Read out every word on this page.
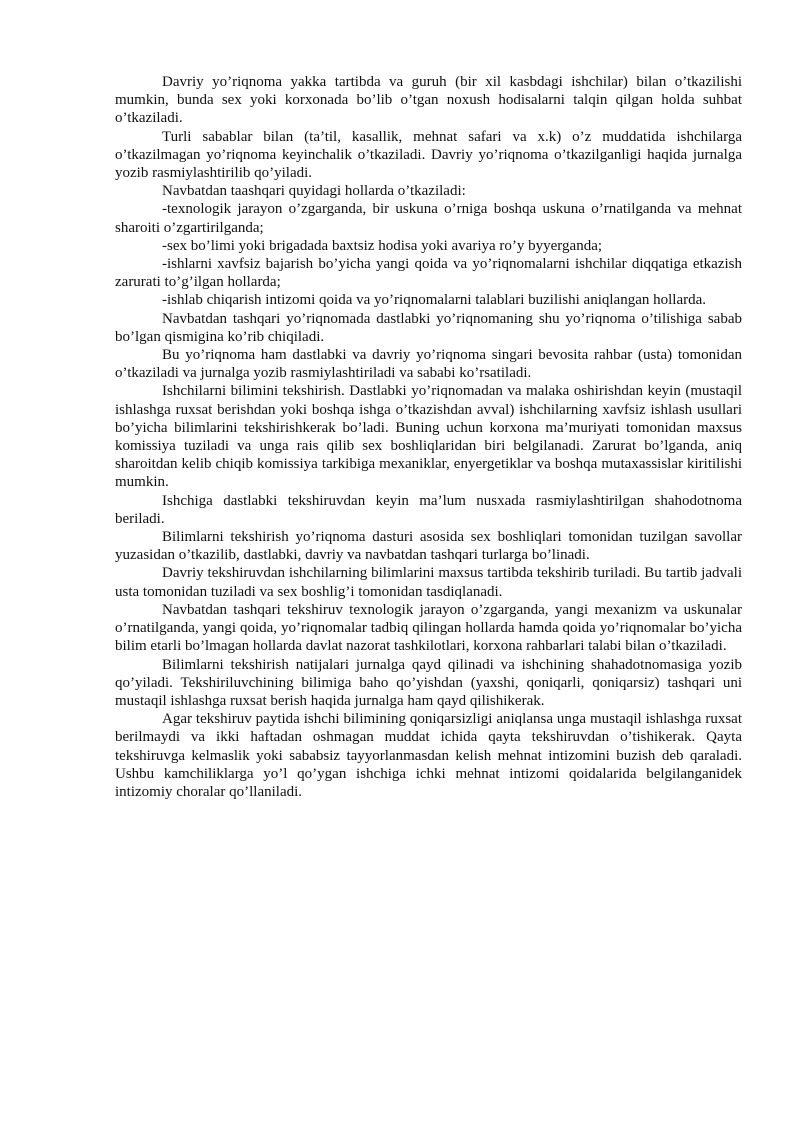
Davriy yo’riqnoma yakka tartibda va guruh (bir xil kasbdagi ishchilar) bilan o’tkazilishi mumkin, bunda sex yoki korxonada bo’lib o’tgan noxush hodisalarni talqin qilgan holda suhbat o’tkaziladi.

Turli sabablar bilan (ta’til, kasallik, mehnat safari va x.k) o’z muddatida ishchilarga o’tkazilmagan yo’riqnoma keyinchalik o’tkaziladi. Davriy yo’riqnoma o’tkazilganligi haqida jurnalga yozib rasmiylashtirilib qo’yiladi.

Navbatdan taashqari quyidagi hollarda o’tkaziladi:

-texnologik jarayon o’zgarganda, bir uskuna o’rniga boshqa uskuna o’rnatilganda va mehnat sharoiti o’zgartirilganda;

-sex bo’limi yoki brigadada baxtsiz hodisa yoki avariya ro’y byyerganda;

-ishlarni xavfsiz bajarish bo’yicha yangi qoida va yo’riqnomalarni ishchilar diqqatiga etkazish zarurati to’g’ilgan hollarda;

-ishlab chiqarish intizomi qoida va yo’riqnomalarni talablari buzilishi aniqlangan hollarda.

Navbatdan tashqari yo’riqnomada dastlabki yo’riqnomaning shu yo’riqnoma o’tilishiga sabab bo’lgan qismigina ko’rib chiqiladi.

Bu yo’riqnoma ham dastlabki va davriy yo’riqnoma singari bevosita rahbar (usta) tomonidan o’tkaziladi va jurnalga yozib rasmiylashtiriladi va sababi ko’rsatiladi.

Ishchilarni bilimini tekshirish. Dastlabki yo’riqnomadan va malaka oshirishdan keyin (mustaqil ishlashga ruxsat berishdan yoki boshqa ishga o’tkazishdan avval) ishchilarning xavfsiz ishlash usullari bo’yicha bilimlarini tekshirishkerak bo’ladi. Buning uchun korxona ma’muriyati tomonidan maxsus komissiya tuziladi va unga rais qilib sex boshliqlaridan biri belgilanadi. Zarurat bo’lganda, aniq sharoitdan kelib chiqib komissiya tarkibiga mexaniklar, enyergetiklar va boshqa mutaxassislar kiritilishi mumkin.

Ishchiga dastlabki tekshiruvdan keyin ma’lum nusxada rasmiylashtirilgan shahodotnoma beriladi.

Bilimlarni tekshirish yo’riqnoma dasturi asosida sex boshliqlari tomonidan tuzilgan savollar yuzasidan o’tkazilib, dastlabki, davriy va navbatdan tashqari turlarga bo’linadi.

Davriy tekshiruvdan ishchilarning bilimlarini maxsus tartibda tekshirib turiladi. Bu tartib jadvali usta tomonidan tuziladi va sex boshlig’i tomonidan tasdiqlanadi.

Navbatdan tashqari tekshiruv texnologik jarayon o’zgarganda, yangi mexanizm va uskunalar o’rnatilganda, yangi qoida, yo’riqnomalar tadbiq qilingan hollarda hamda qoida yo’riqnomalar bo’yicha bilim etarli bo’lmagan hollarda davlat nazorat tashkilotlari, korxona rahbarlari talabi bilan o’tkaziladi.

Bilimlarni tekshirish natijalari jurnalga qayd qilinadi va ishchining shahadotnomasiga yozib qo’yiladi. Tekshiriluvchining bilimiga baho qo’yishdan (yaxshi, qoniqarli, qoniqarsiz) tashqari uni mustaqil ishlashga ruxsat berish haqida jurnalga ham qayd qilishikerak.

Agar tekshiruv paytida ishchi bilimining qoniqarsizligi aniqlansa unga mustaqil ishlashga ruxsat berilmaydi va ikki haftadan oshmagan muddat ichida qayta tekshiruvdan o’tishikerak. Qayta tekshiruvga kelmaslik yoki sababsiz tayyorlanmasdan kelish mehnat intizomini buzish deb qaraladi. Ushbu kamchiliklarga yo’l qo’ygan ishchiga ichki mehnat intizomi qoidalarida belgilanganidek intizomiy choralar qo’llaniladi.
